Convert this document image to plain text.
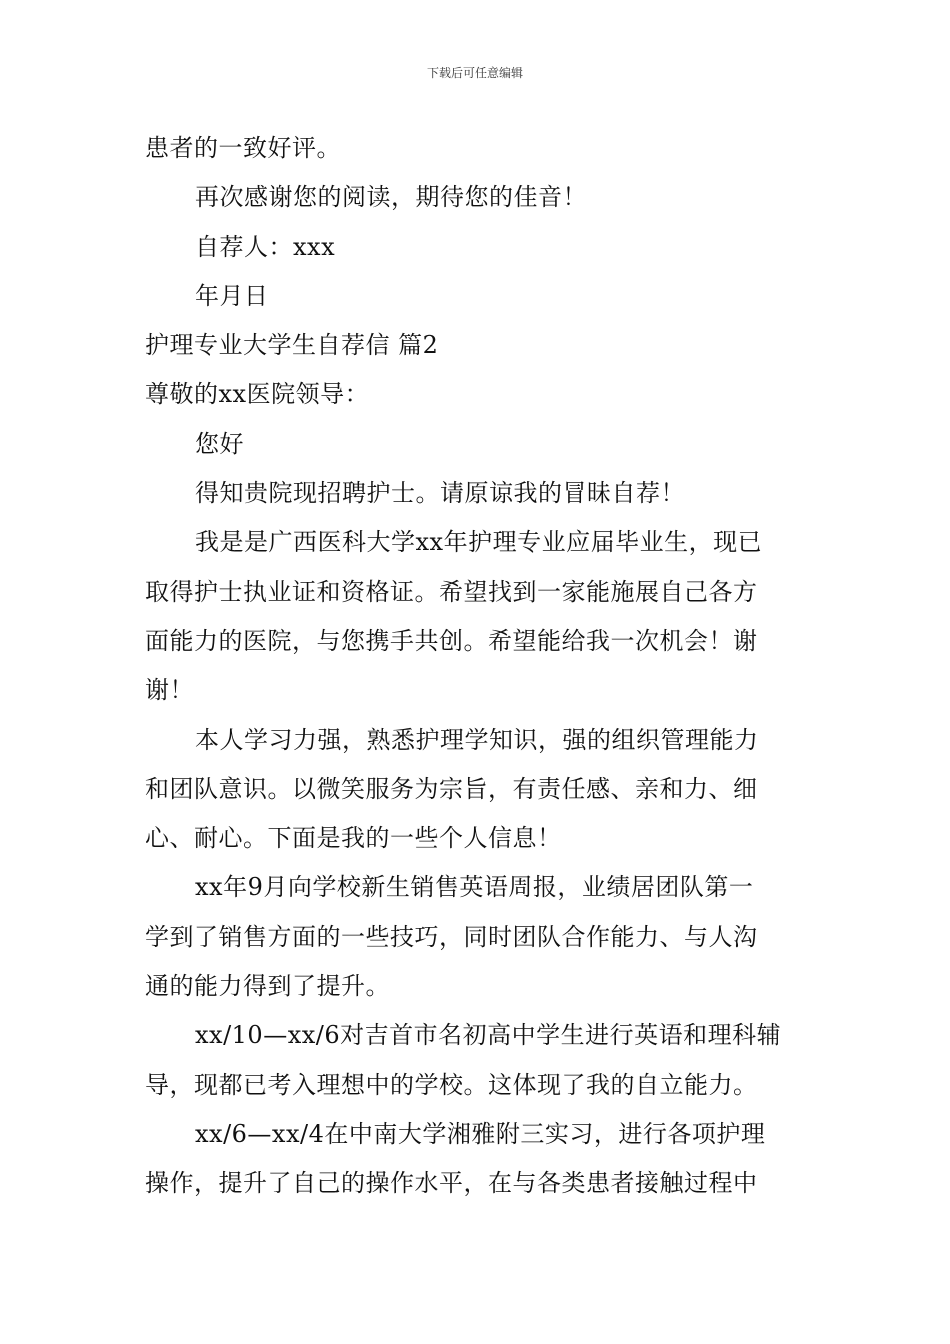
下载后可任意编辑
患者的一致好评。
再次感谢您的阅读，期待您的佳音！
自荐人：xxx
年月日
护理专业大学生自荐信 篇2
尊敬的xx医院领导：
您好
得知贵院现招聘护士。请原谅我的冒昧自荐！
我是是广西医科大学xx年护理专业应届毕业生，现已
取得护士执业证和资格证。希望找到一家能施展自己各方
面能力的医院，与您携手共创。希望能给我一次机会！谢
谢！
本人学习力强，熟悉护理学知识，强的组织管理能力
和团队意识。以微笑服务为宗旨，有责任感、亲和力、细
心、耐心。下面是我的一些个人信息！
xx年9月向学校新生销售英语周报，业绩居团队第一
学到了销售方面的一些技巧，同时团队合作能力、与人沟
通的能力得到了提升。
xx/10—xx/6对吉首市名初高中学生进行英语和理科辅
导，现都已考入理想中的学校。这体现了我的自立能力。
xx/6—xx/4在中南大学湘雅附三实习，进行各项护理
操作，提升了自己的操作水平，在与各类患者接触过程中
